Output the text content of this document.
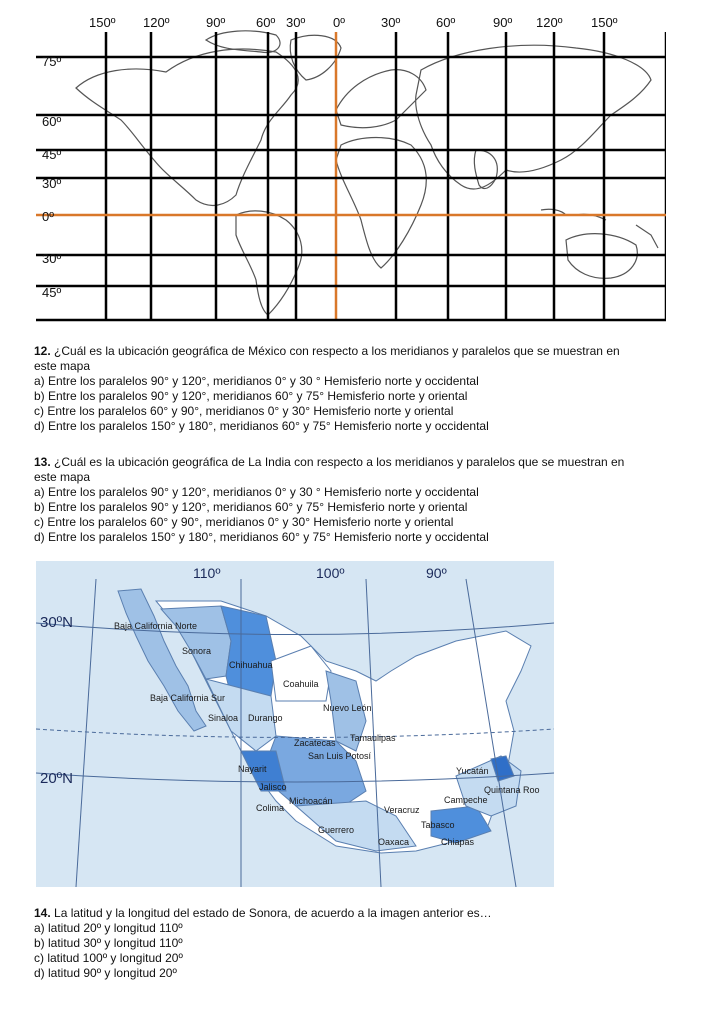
150º 120º	90º 60º 30º 0º	30º	60º	90º 120º 150º
75º
60º
45º
30º
0º
30º
45º
12. ¿Cuál es la ubicación geográfica de México con respecto a los meridianos y paralelos que se muestran en
este mapa
a) Entre los paralelos 90° y 120°, meridianos 0° y 30 ° Hemisferio norte y occidental
b) Entre los paralelos 90° y 120°, meridianos 60° y 75° Hemisferio norte y oriental
c) Entre los paralelos 60° y 90°, meridianos 0° y 30° Hemisferio norte y oriental
d) Entre los paralelos 150° y 180°, meridianos 60° y 75° Hemisferio norte y occidental
13. ¿Cuál es la ubicación geográfica de La India con respecto a los meridianos y paralelos que se muestran en
este mapa
a) Entre los paralelos 90° y 120°, meridianos 0° y 30 ° Hemisferio norte y occidental
b) Entre los paralelos 90° y 120°, meridianos 60° y 75° Hemisferio norte y oriental
c) Entre los paralelos 60° y 90°, meridianos 0° y 30° Hemisferio norte y oriental
d) Entre los paralelos 150° y 180°, meridianos 60° y 75° Hemisferio norte y occidental
110º	100º	90º
30ºN
20ºN
Baja California Norte
Sonora
Chihuahua
Baja California Sur
Coahuila
Nuevo León
Sinaloa Durango
Tamaulipas
Zacatecas
San Luis Potosí
Nayarit
Jalisco
Michoacán
Colima	Veracruz
Guerrero
Oaxaca
Tabasco
Chiapas
Campeche
Yucatán
Quintana Roo
14. La latitud y la longitud del estado de Sonora, de acuerdo a la imagen anterior es…
a) latitud 20º y longitud 110º
b) latitud 30º y longitud 110º
c) latitud 100º y longitud 20º
d) latitud 90º y longitud 20º
